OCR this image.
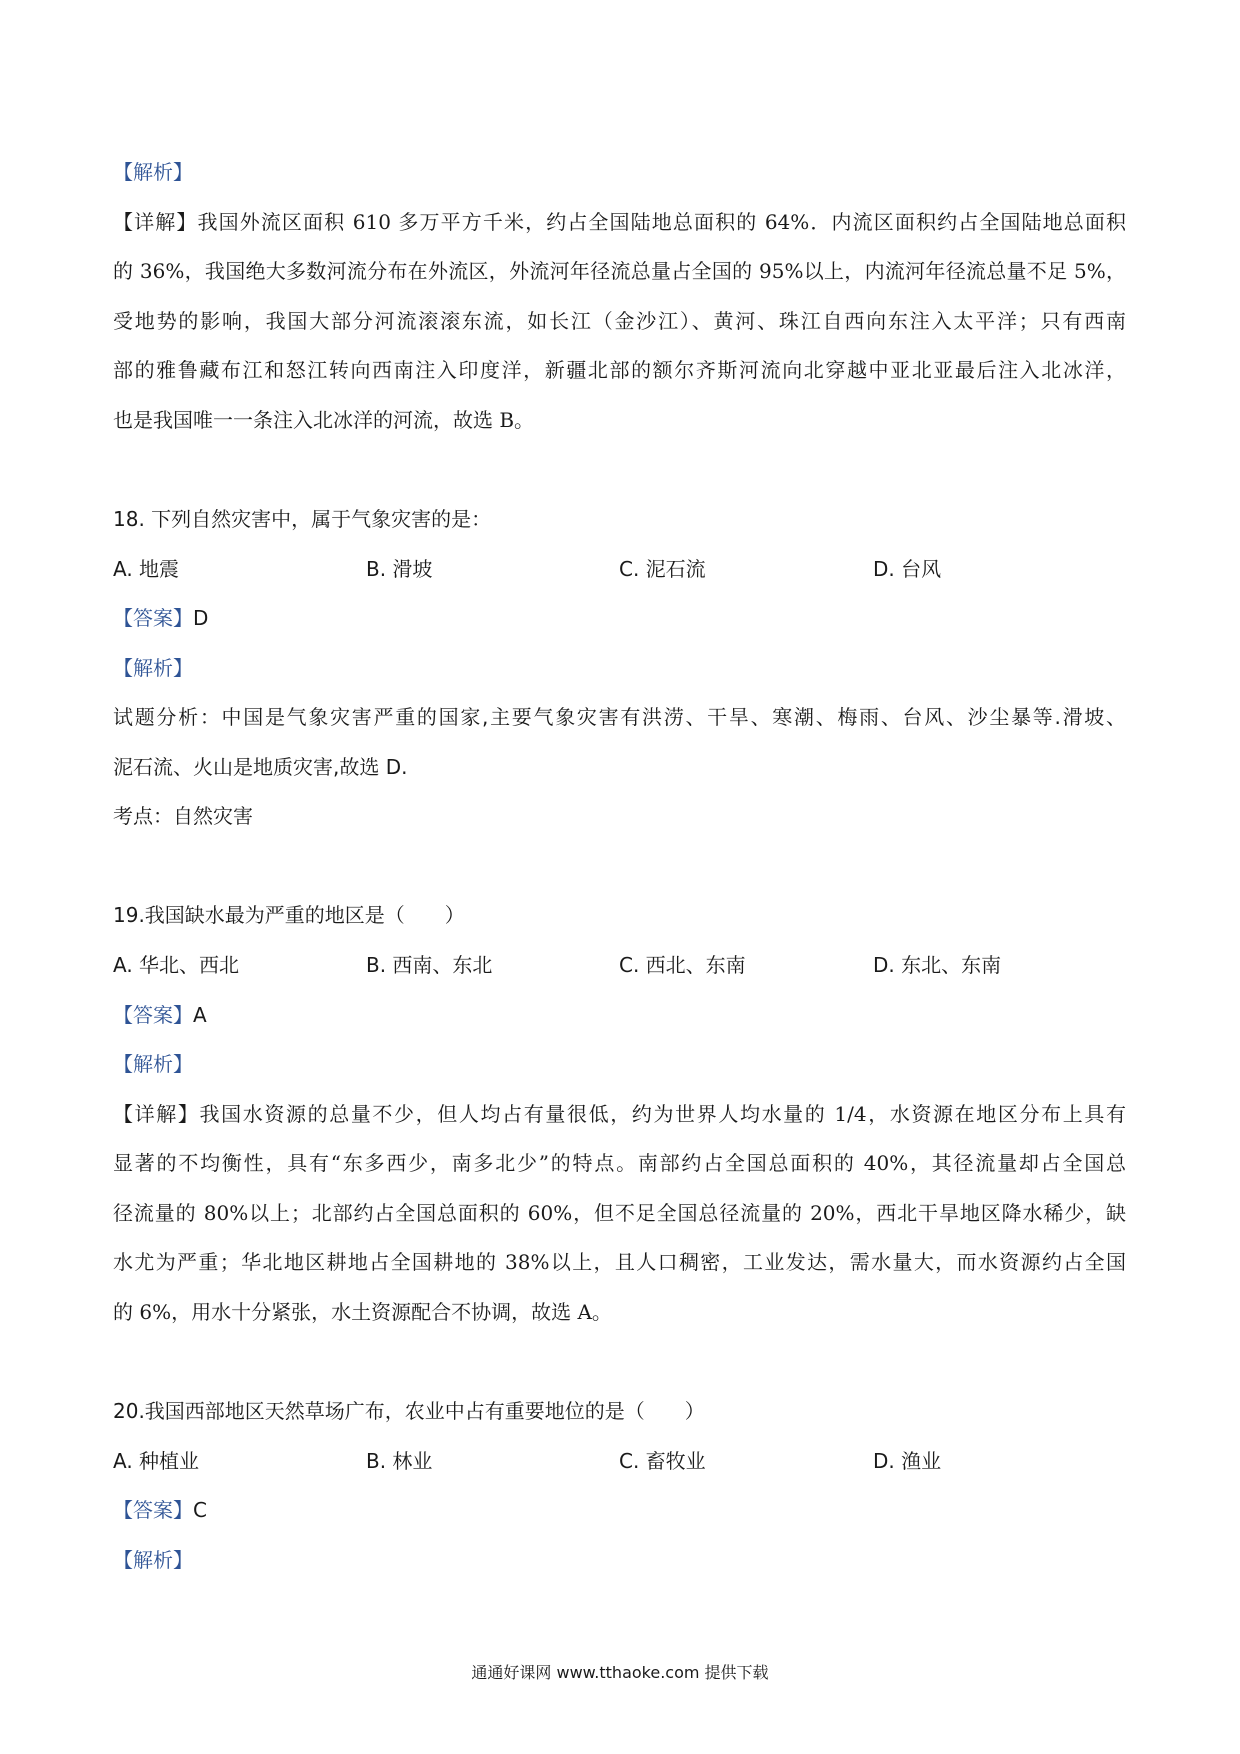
【解析】
【详解】我国外流区面积 610 多万平方千米，约占全国陆地总面积的 64%．内流区面积约占全国陆地总面积
的 36%，我国绝大多数河流分布在外流区，外流河年径流总量占全国的 95%以上，内流河年径流总量不足 5%，
受地势的影响，我国大部分河流滚滚东流，如长江（金沙江）、黄河、珠江自西向东注入太平洋；只有西南
部的雅鲁藏布江和怒江转向西南注入印度洋，新疆北部的额尔齐斯河流向北穿越中亚北亚最后注入北冰洋，
也是我国唯一一条注入北冰洋的河流，故选 B。
18. 下列自然灾害中，属于气象灾害的是：
A. 地震	B. 滑坡	C. 泥石流	D. 台风
【答案】D
【解析】
试题分析：中国是气象灾害严重的国家,主要气象灾害有洪涝、干旱、寒潮、梅雨、台风、沙尘暴等.滑坡、
泥石流、火山是地质灾害,故选 D.
考点：自然灾害
19.我国缺水最为严重的地区是（　　）
A. 华北、西北	B. 西南、东北	C. 西北、东南	D. 东北、东南
【答案】A
【解析】
【详解】我国水资源的总量不少，但人均占有量很低，约为世界人均水量的 1/4，水资源在地区分布上具有
显著的不均衡性，具有“东多西少，南多北少”的特点。南部约占全国总面积的 40%，其径流量却占全国总
径流量的 80%以上；北部约占全国总面积的 60%，但不足全国总径流量的 20%，西北干旱地区降水稀少，缺
水尤为严重；华北地区耕地占全国耕地的 38%以上，且人口稠密，工业发达，需水量大，而水资源约占全国
的 6%，用水十分紧张，水土资源配合不协调，故选 A。
20.我国西部地区天然草场广布，农业中占有重要地位的是（　　）
A. 种植业	B. 林业	C. 畜牧业	D. 渔业
【答案】C
【解析】
通通好课网 www.tthaoke.com 提供下载
